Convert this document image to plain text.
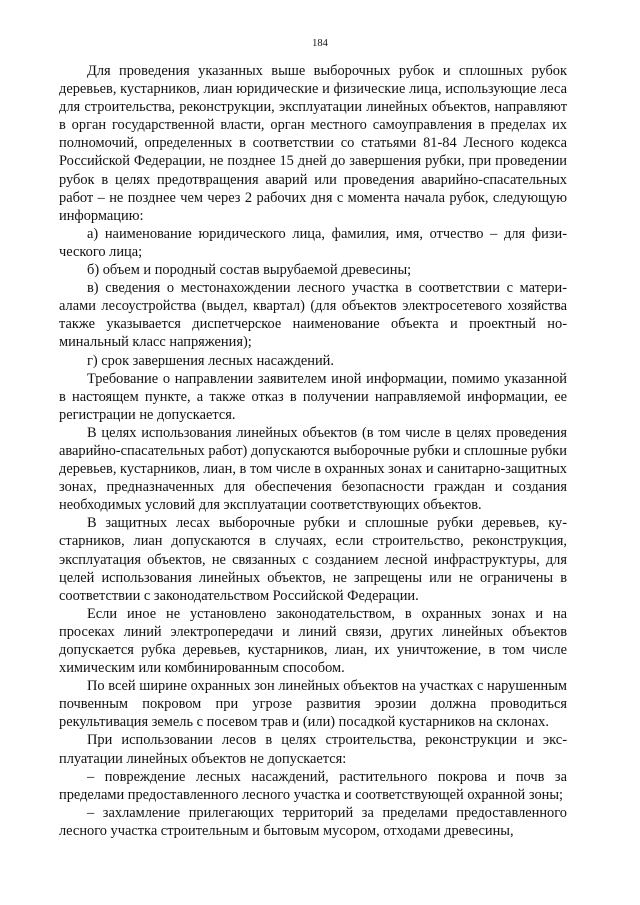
184

Для проведения указанных выше выборочных рубок и сплошных рубок деревьев, кустарников, лиан юридические и физические лица, использующие леса для строительства, реконструкции, эксплуатации линейных объектов, направляют в орган государственной власти, орган местного самоуправления в пределах их полномочий, определенных в соответствии со статьями 81-84 Лесного кодекса Российской Федерации, не позднее 15 дней до завершения рубки, при проведении рубок в целях предотвращения аварий или проведения аварийно-спасательных работ – не позднее чем через 2 рабочих дня с момента начала рубок, следующую информацию:

а) наименование юридического лица, фамилия, имя, отчество – для физического лица;

б) объем и породный состав вырубаемой древесины;

в) сведения о местонахождении лесного участка в соответствии с материалами лесоустройства (выдел, квартал) (для объектов электросетевого хозяйства также указывается диспетчерское наименование объекта и проектный номинальный класс напряжения);

г) срок завершения лесных насаждений.

Требование о направлении заявителем иной информации, помимо указанной в настоящем пункте, а также отказ в получении направляемой информации, ее регистрации не допускается.

В целях использования линейных объектов (в том числе в целях проведения аварийно-спасательных работ) допускаются выборочные рубки и сплошные рубки деревьев, кустарников, лиан, в том числе в охранных зонах и санитарно-защитных зонах, предназначенных для обеспечения безопасности граждан и создания необходимых условий для эксплуатации соответствующих объектов.

В защитных лесах выборочные рубки и сплошные рубки деревьев, кустарников, лиан допускаются в случаях, если строительство, реконструкция, эксплуатация объектов, не связанных с созданием лесной инфраструктуры, для целей использования линейных объектов, не запрещены или не ограничены в соответствии с законодательством Российской Федерации.

Если иное не установлено законодательством, в охранных зонах и на просеках линий электропередачи и линий связи, других линейных объектов допускается рубка деревьев, кустарников, лиан, их уничтожение, в том числе химическим или комбинированным способом.

По всей ширине охранных зон линейных объектов на участках с нарушенным почвенным покровом при угрозе развития эрозии должна проводиться рекультивация земель с посевом трав и (или) посадкой кустарников на склонах.

При использовании лесов в целях строительства, реконструкции и эксплуатации линейных объектов не допускается:

– повреждение лесных насаждений, растительного покрова и почв за пределами предоставленного лесного участка и соответствующей охранной зоны;

– захламление прилегающих территорий за пределами предоставленного лесного участка строительным и бытовым мусором, отходами древесины,
